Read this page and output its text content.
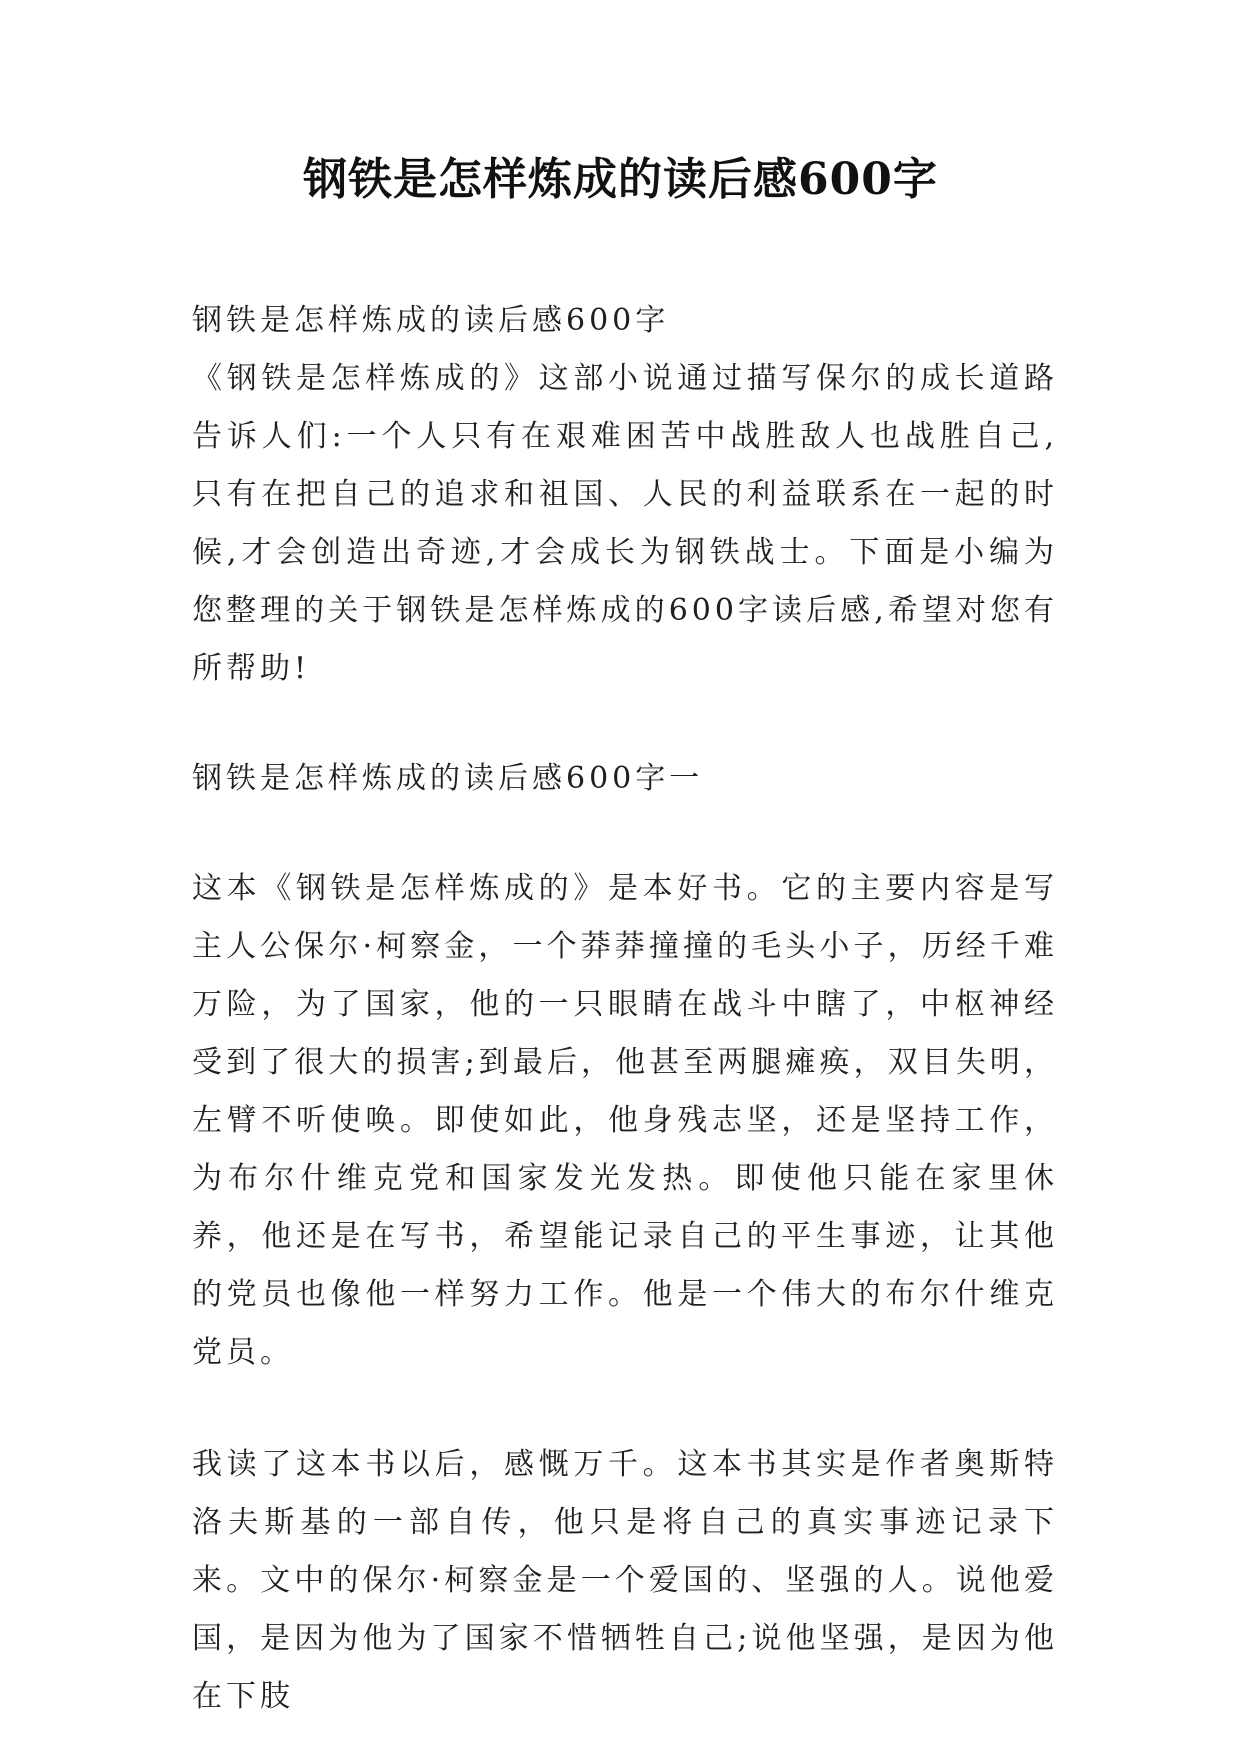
钢铁是怎样炼成的读后感600字

钢铁是怎样炼成的读后感600字

《钢铁是怎样炼成的》这部小说通过描写保尔的成长道路告诉人们:一个人只有在艰难困苦中战胜敌人也战胜自己,只有在把自己的追求和祖国、人民的利益联系在一起的时候,才会创造出奇迹,才会成长为钢铁战士。下面是小编为您整理的关于钢铁是怎样炼成的600字读后感,希望对您有所帮助!

钢铁是怎样炼成的读后感600字一

这本《钢铁是怎样炼成的》是本好书。它的主要内容是写主人公保尔·柯察金，一个莽莽撞撞的毛头小子，历经千难万险，为了国家，他的一只眼睛在战斗中瞎了，中枢神经受到了很大的损害;到最后，他甚至两腿瘫痪，双目失明，左臂不听使唤。即使如此，他身残志坚，还是坚持工作，为布尔什维克党和国家发光发热。即使他只能在家里休养，他还是在写书，希望能记录自己的平生事迹，让其他的党员也像他一样努力工作。他是一个伟大的布尔什维克党员。

我读了这本书以后，感慨万千。这本书其实是作者奥斯特洛夫斯基的一部自传，他只是将自己的真实事迹记录下来。文中的保尔·柯察金是一个爱国的、坚强的人。说他爱国，是因为他为了国家不惜牺牲自己;说他坚强，是因为他在下肢
